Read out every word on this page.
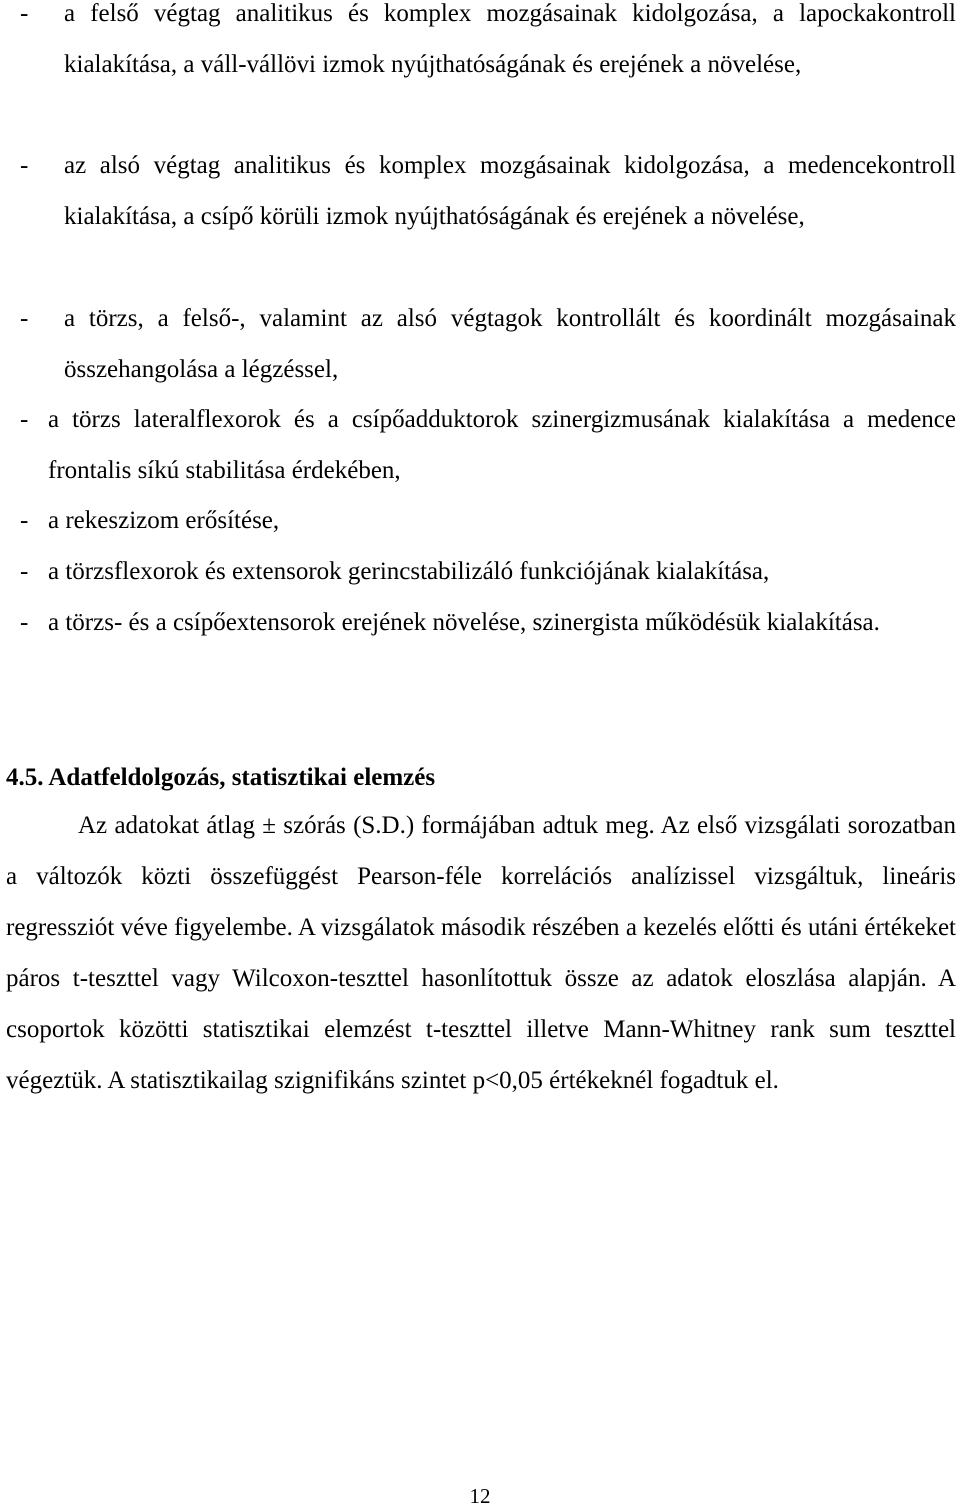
- a felső végtag analitikus és komplex mozgásainak kidolgozása, a lapockakontroll kialakítása, a váll-vállövi izmok nyújthatóságának és erejének a növelése,
- az alsó végtag analitikus és komplex mozgásainak kidolgozása, a medencekontroll kialakítása, a csípő körüli izmok nyújthatóságának és erejének a növelése,
- a törzs, a felső-, valamint az alsó végtagok kontrollált és koordinált mozgásainak összehangolása a légzéssel,
- a törzs lateralflexorok és a csípőadduktorok szinergizmusának kialakítása a medence frontalis síkú stabilitása érdekében,
- a rekeszizom erősítése,
- a törzsflexorok és extensorok gerincstabilizáló funkciójának kialakítása,
- a törzs- és a csípőextensorok erejének növelése, szinergista működésük kialakítása.
4.5. Adatfeldolgozás, statisztikai elemzés
Az adatokat átlag ± szórás (S.D.) formájában adtuk meg. Az első vizsgálati sorozatban a változók közti összefüggést Pearson-féle korrelációs analízissel vizsgáltuk, lineáris regressziót véve figyelembe. A vizsgálatok második részében a kezelés előtti és utáni értékeket páros t-teszttel vagy Wilcoxon-teszttel hasonlítottuk össze az adatok eloszlása alapján. A csoportok közötti statisztikai elemzést t-teszttel illetve Mann-Whitney rank sum teszttel végeztük. A statisztikailag szignifikáns szintet p<0,05 értékeknél fogadtuk el.
12
